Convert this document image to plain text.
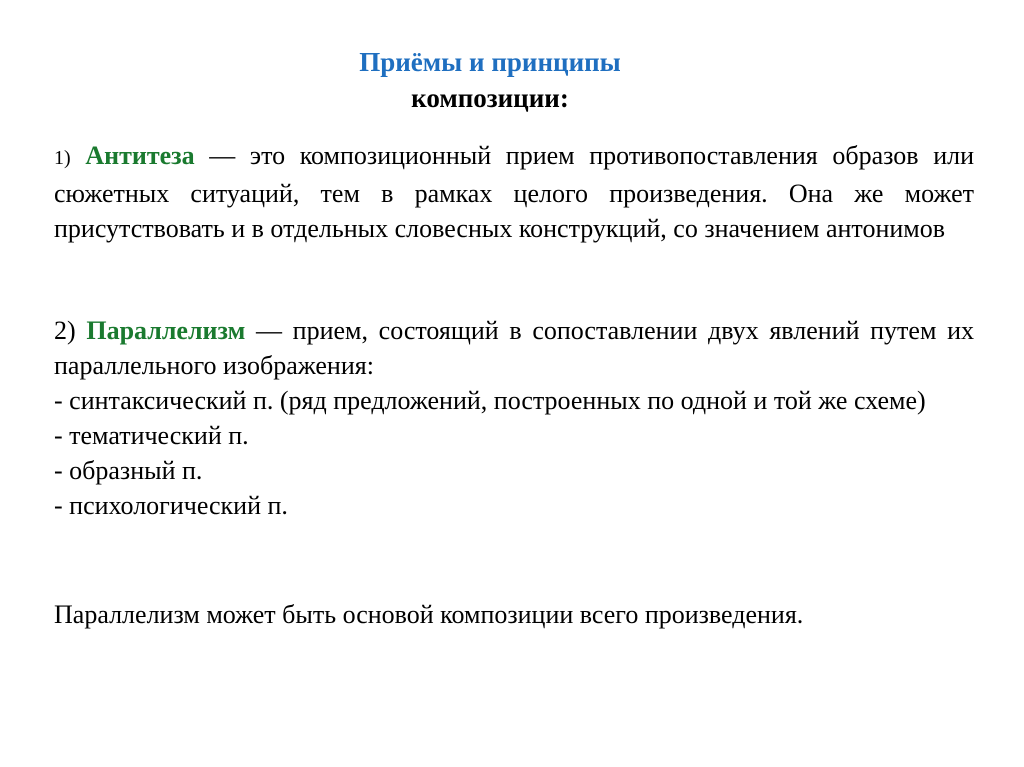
Приёмы и принципы
композиции:
1) Антитеза — это композиционный прием противопоставления образов или сюжетных ситуаций, тем в рамках целого произведения. Она же может присутствовать и в отдельных словесных конструкций, со значением антонимов
2) Параллелизм — прием, состоящий в сопоставлении двух явлений путем их параллельного изображения:
- синтаксический п. (ряд предложений, построенных по одной и той же схеме)
- тематический п.
- образный п.
- психологический п.
Параллелизм может быть основой композиции всего произведения.
